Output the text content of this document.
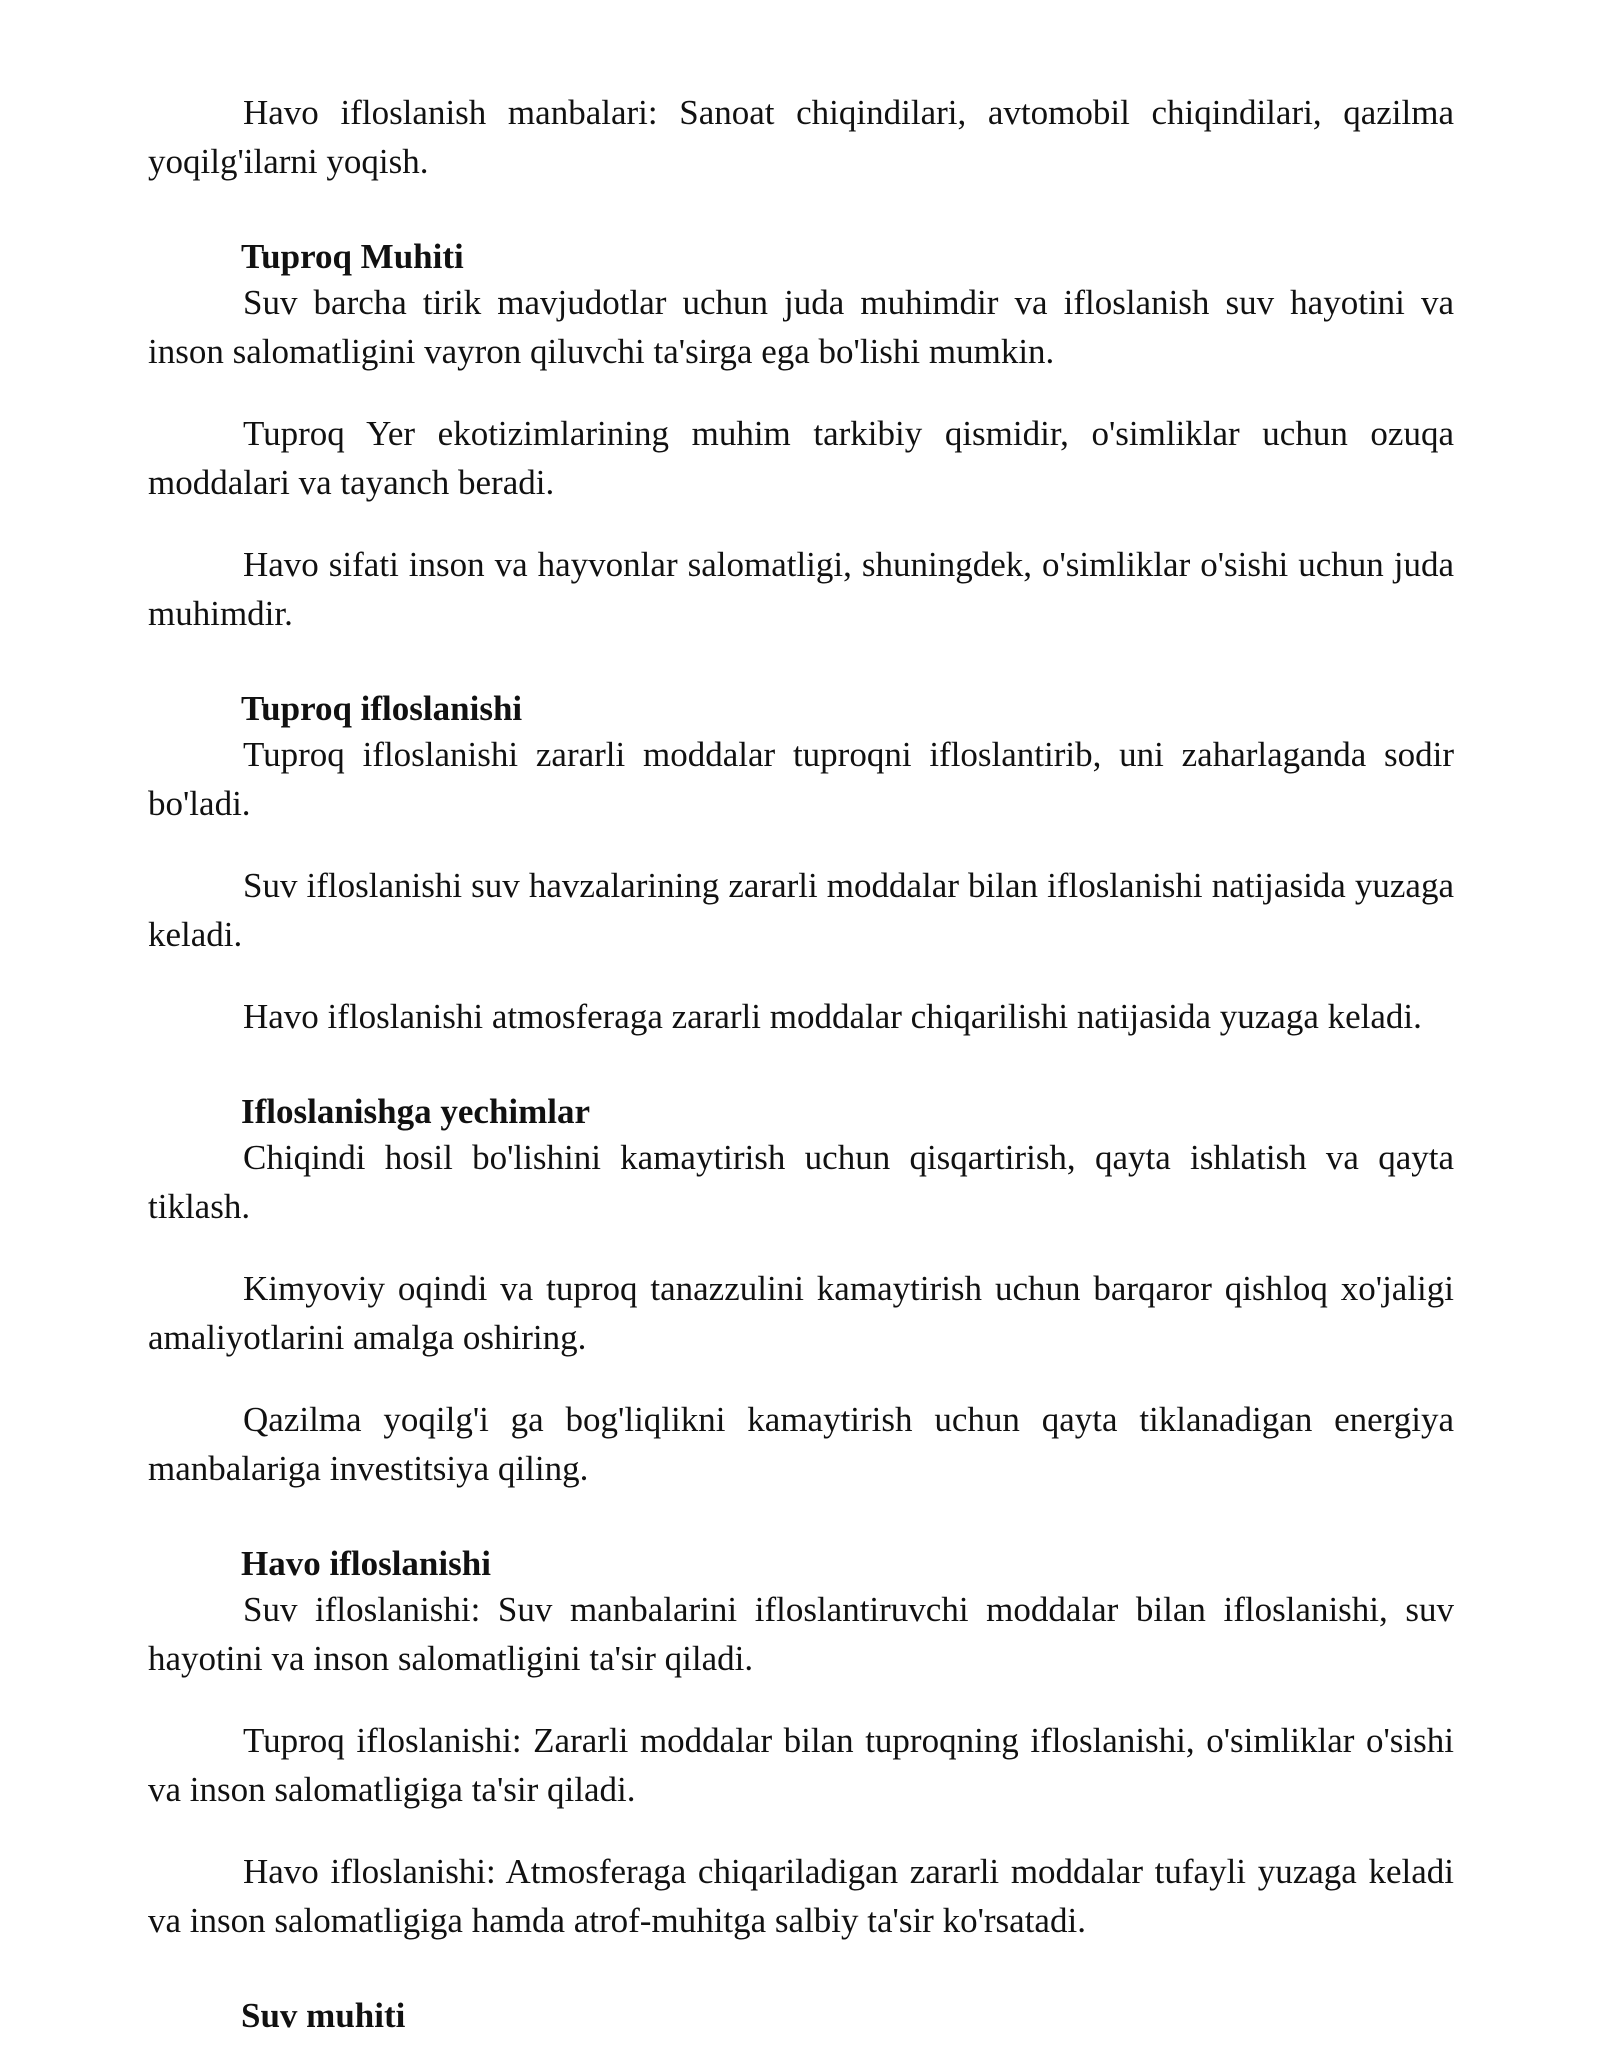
Havo ifloslanish manbalari: Sanoat chiqindilari, avtomobil chiqindilari, qazilma yoqilg'ilarni yoqish.

Tuproq Muhiti

Suv barcha tirik mavjudotlar uchun juda muhimdir va ifloslanish suv hayotini va inson salomatligini vayron qiluvchi ta'sirga ega bo'lishi mumkin.

Tuproq Yer ekotizimlarining muhim tarkibiy qismidir, o'simliklar uchun ozuqa moddalari va tayanch beradi.

Havo sifati inson va hayvonlar salomatligi, shuningdek, o'simliklar o'sishi uchun juda muhimdir.

Tuproq ifloslanishi

Tuproq ifloslanishi zararli moddalar tuproqni ifloslantirib, uni zaharlaganda sodir bo'ladi.

Suv ifloslanishi suv havzalarining zararli moddalar bilan ifloslanishi natijasida yuzaga keladi.

Havo ifloslanishi atmosferaga zararli moddalar chiqarilishi natijasida yuzaga keladi.

Ifloslanishga yechimlar

Chiqindi hosil bo'lishini kamaytirish uchun qisqartirish, qayta ishlatish va qayta tiklash.

Kimyoviy oqindi va tuproq tanazzulini kamaytirish uchun barqaror qishloq xo'jaligi amaliyotlarini amalga oshiring.

Qazilma yoqilg'i ga bog'liqlikni kamaytirish uchun qayta tiklanadigan energiya manbalariga investitsiya qiling.

Havo ifloslanishi

Suv ifloslanishi: Suv manbalarini ifloslantiruvchi moddalar bilan ifloslanishi, suv hayotini va inson salomatligini ta'sir qiladi.

Tuproq ifloslanishi: Zararli moddalar bilan tuproqning ifloslanishi, o'simliklar o'sishi va inson salomatligiga ta'sir qiladi.

Havo ifloslanishi: Atmosferaga chiqariladigan zararli moddalar tufayli yuzaga keladi va inson salomatligiga hamda atrof-muhitga salbiy ta'sir ko'rsatadi.

Suv muhiti
